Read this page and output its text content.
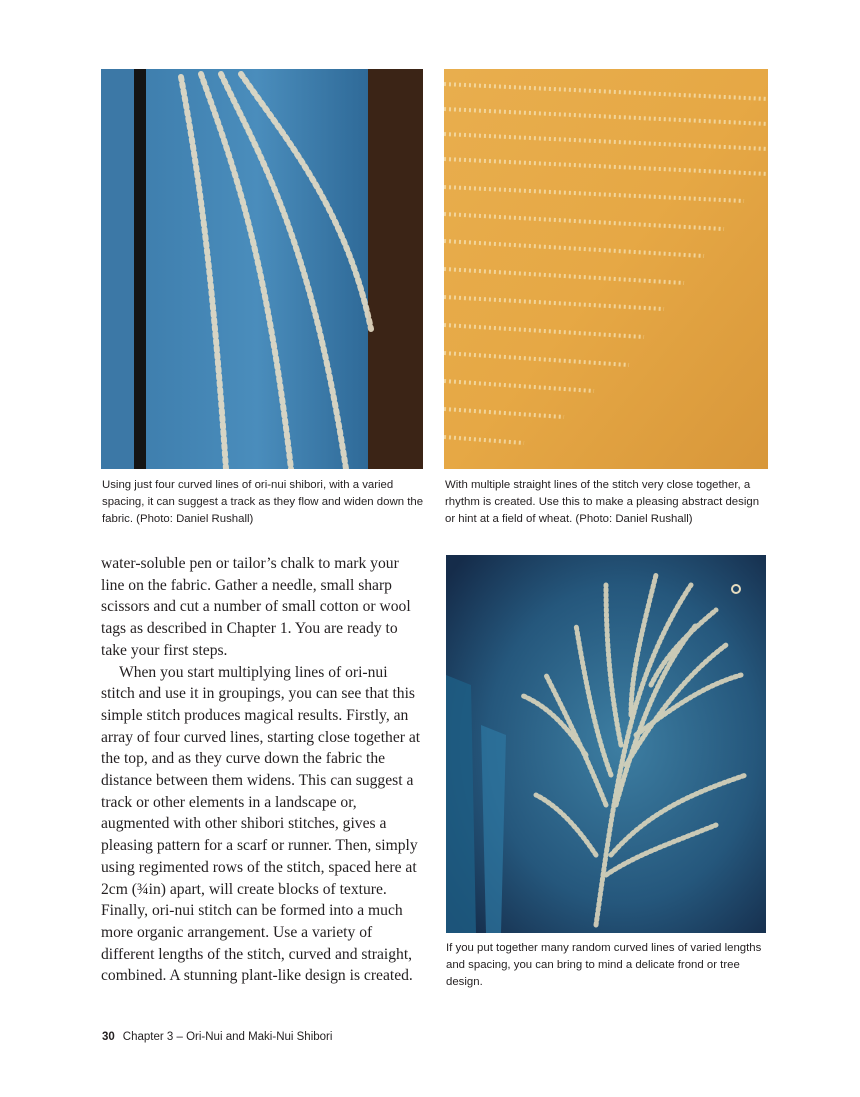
Using just four curved lines of ori-nui shibori, with a varied spacing, it can suggest a track as they flow and widen down the fabric. (Photo: Daniel Rushall)

With multiple straight lines of the stitch very close together, a rhythm is created. Use this to make a pleasing abstract design or hint at a field of wheat. (Photo: Daniel Rushall)

water-soluble pen or tailor’s chalk to mark your line on the fabric. Gather a needle, small sharp scissors and cut a number of small cotton or wool tags as described in Chapter 1. You are ready to take your first steps.

When you start multiplying lines of ori-nui stitch and use it in groupings, you can see that this simple stitch produces magical results. Firstly, an array of four curved lines, starting close together at the top, and as they curve down the fabric the distance between them widens. This can suggest a track or other elements in a landscape or, augmented with other shibori stitches, gives a pleasing pattern for a scarf or runner. Then, simply using regimented rows of the stitch, spaced here at 2cm (¾in) apart, will create blocks of texture. Finally, ori-nui stitch can be formed into a much more organic arrangement. Use a variety of different lengths of the stitch, curved and straight, combined. A stunning plant-like design is created.

If you put together many random curved lines of varied lengths and spacing, you can bring to mind a delicate frond or tree design.

30 Chapter 3 – Ori-Nui and Maki-Nui Shibori
